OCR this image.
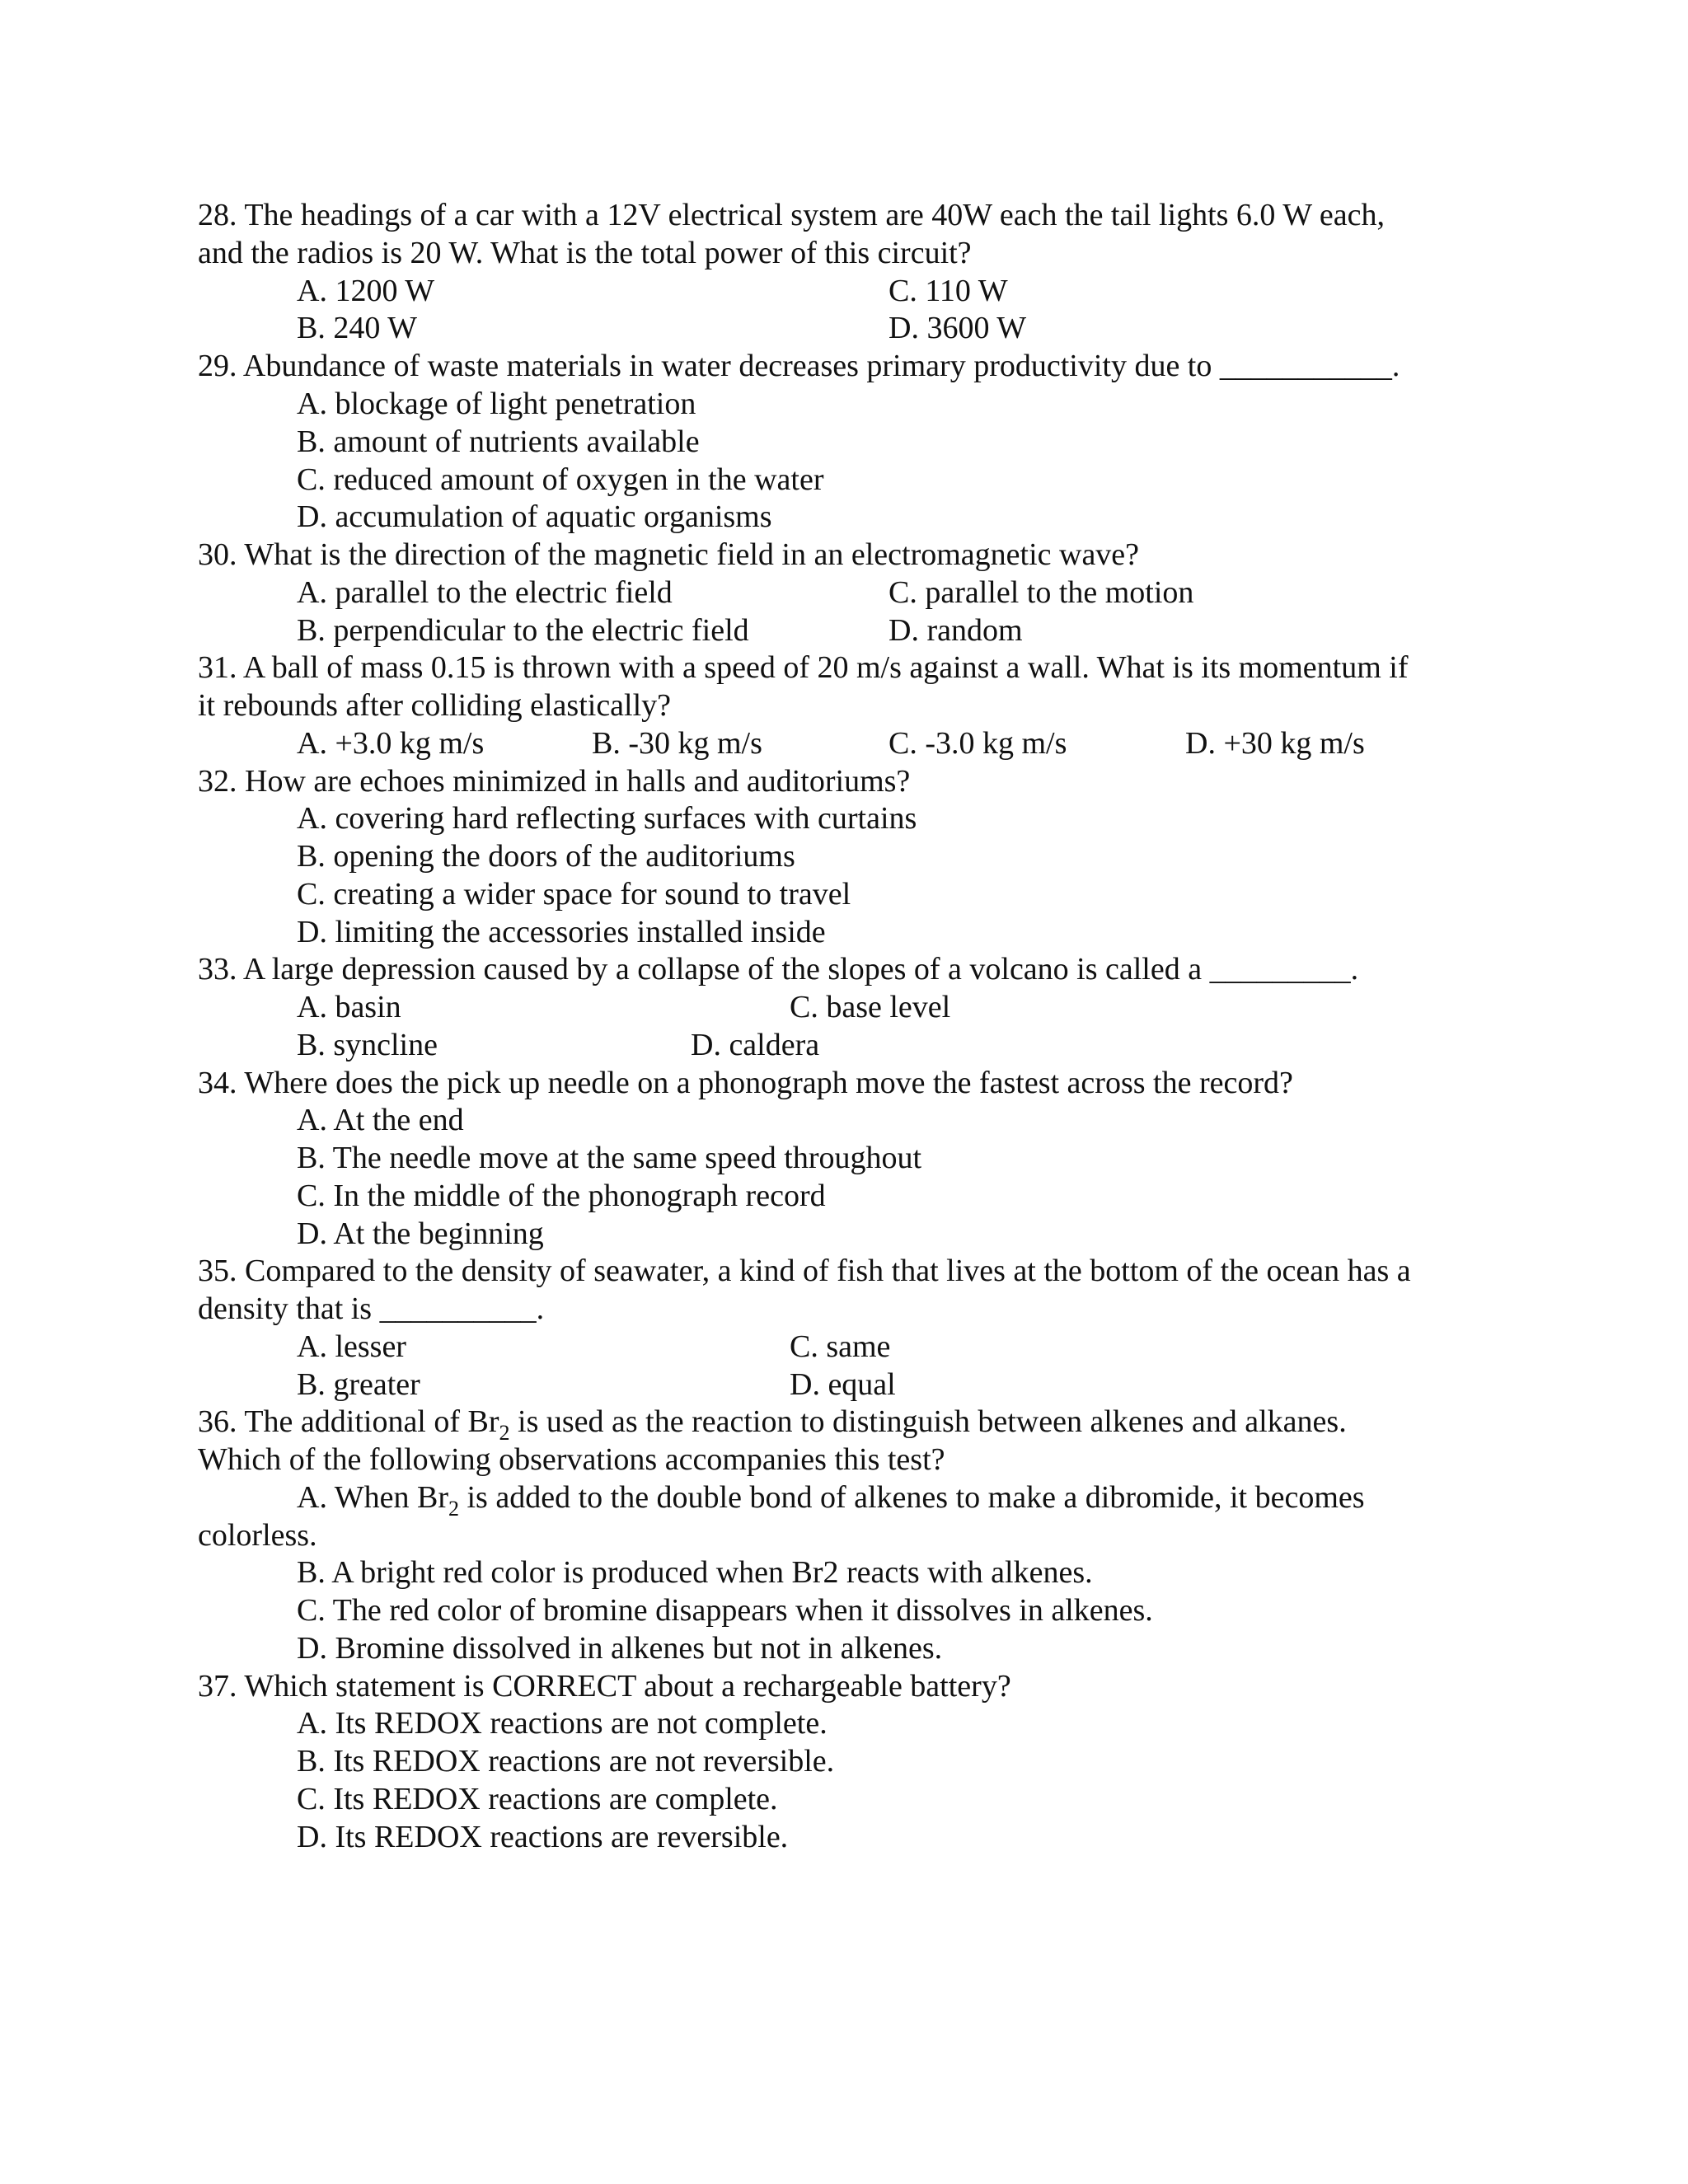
28. The headings of a car with a 12V electrical system are 40W each the tail lights 6.0 W each,
and the radios is 20 W. What is the total power of this circuit?
A. 1200 W	C. 110 W
B. 240 W	D. 3600 W
29. Abundance of waste materials in water decreases primary productivity due to ___________.
A. blockage of light penetration
B. amount of nutrients available
C. reduced amount of oxygen in the water
D. accumulation of aquatic organisms
30. What is the direction of the magnetic field in an electromagnetic wave?
A. parallel to the electric field	C. parallel to the motion
B. perpendicular to the electric field	D. random
31. A ball of mass 0.15 is thrown with a speed of 20 m/s against a wall. What is its momentum if
it rebounds after colliding elastically?
A. +3.0 kg m/s	B. -30 kg m/s	C. -3.0 kg m/s	D. +30 kg m/s
32. How are echoes minimized in halls and auditoriums?
A. covering hard reflecting surfaces with curtains
B. opening the doors of the auditoriums
C. creating a wider space for sound to travel
D. limiting the accessories installed inside
33. A large depression caused by a collapse of the slopes of a volcano is called a _________.
A. basin	C. base level
B. syncline	D. caldera
34. Where does the pick up needle on a phonograph move the fastest across the record?
A. At the end
B. The needle move at the same speed throughout
C. In the middle of the phonograph record
D. At the beginning
35. Compared to the density of seawater, a kind of fish that lives at the bottom of the ocean has a
density that is __________.
A. lesser	C. same
B. greater	D. equal
36. The additional of $Br_2$ is used as the reaction to distinguish between alkenes and alkanes.
Which of the following observations accompanies this test?
A. When $Br_2$ is added to the double bond of alkenes to make a dibromide, it becomes
colorless.
B. A bright red color is produced when Br2 reacts with alkenes.
C. The red color of bromine disappears when it dissolves in alkenes.
D. Bromine dissolved in alkenes but not in alkenes.
37. Which statement is CORRECT about a rechargeable battery?
A. Its REDOX reactions are not complete.
B. Its REDOX reactions are not reversible.
C. Its REDOX reactions are complete.
D. Its REDOX reactions are reversible.
